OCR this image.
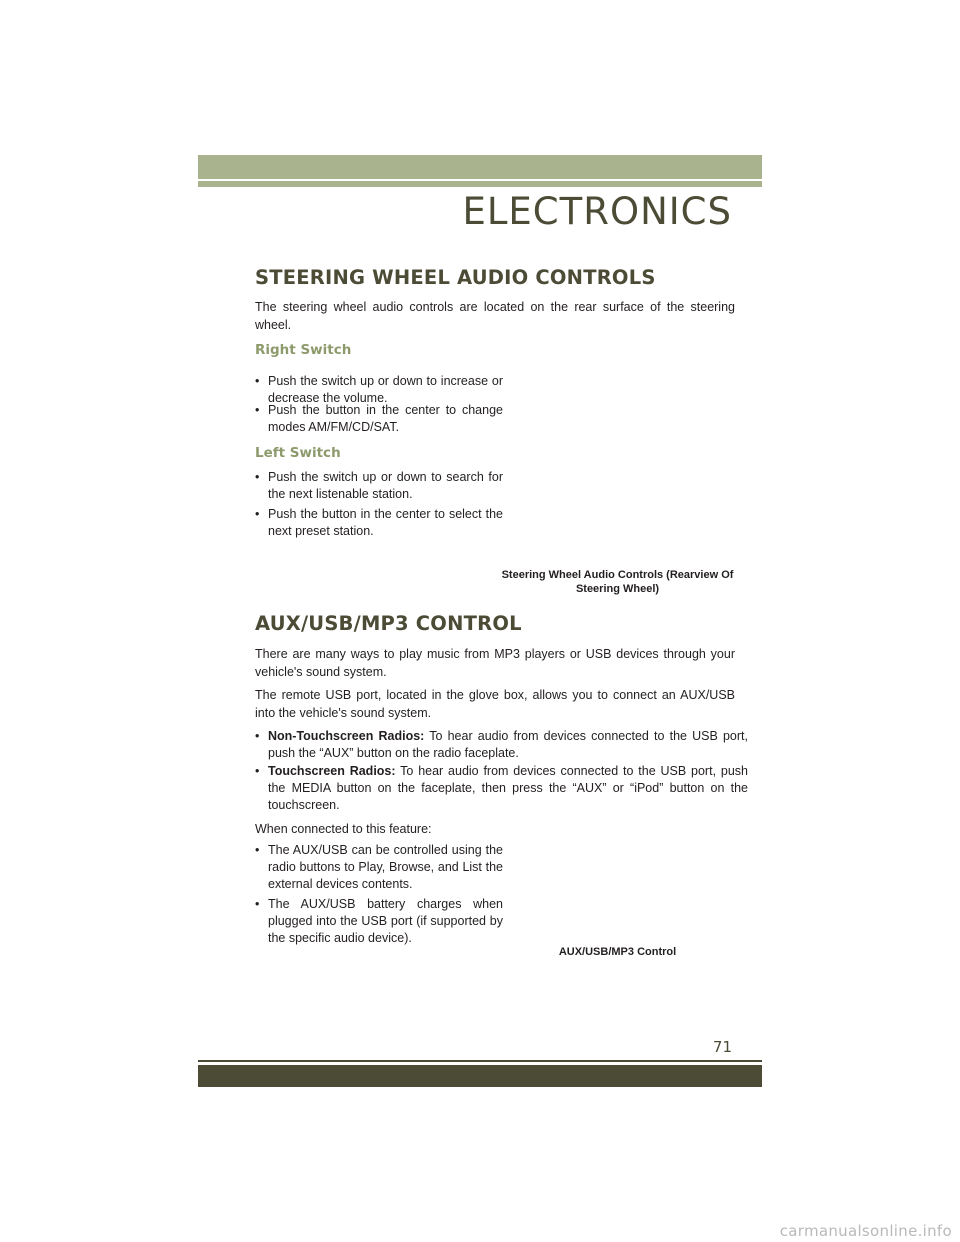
ELECTRONICS
STEERING WHEEL AUDIO CONTROLS
The steering wheel audio controls are located on the rear surface of the steering wheel.
Right Switch
• Push the switch up or down to increase or decrease the volume.
• Push the button in the center to change modes AM/FM/CD/SAT.
Left Switch
• Push the switch up or down to search for the next listenable station.
• Push the button in the center to select the next preset station.
Steering Wheel Audio Controls (Rearview Of Steering Wheel)
AUX/USB/MP3 CONTROL
There are many ways to play music from MP3 players or USB devices through your vehicle's sound system.
The remote USB port, located in the glove box, allows you to connect an AUX/USB into the vehicle's sound system.
• Non-Touchscreen Radios: To hear audio from devices connected to the USB port, push the “AUX” button on the radio faceplate.
• Touchscreen Radios: To hear audio from devices connected to the USB port, push the MEDIA button on the faceplate, then press the “AUX” or “iPod” button on the touchscreen.
When connected to this feature:
• The AUX/USB can be controlled using the radio buttons to Play, Browse, and List the external devices contents.
• The AUX/USB battery charges when plugged into the USB port (if supported by the specific audio device).
AUX/USB/MP3 Control
71
carmanualsonline.info
